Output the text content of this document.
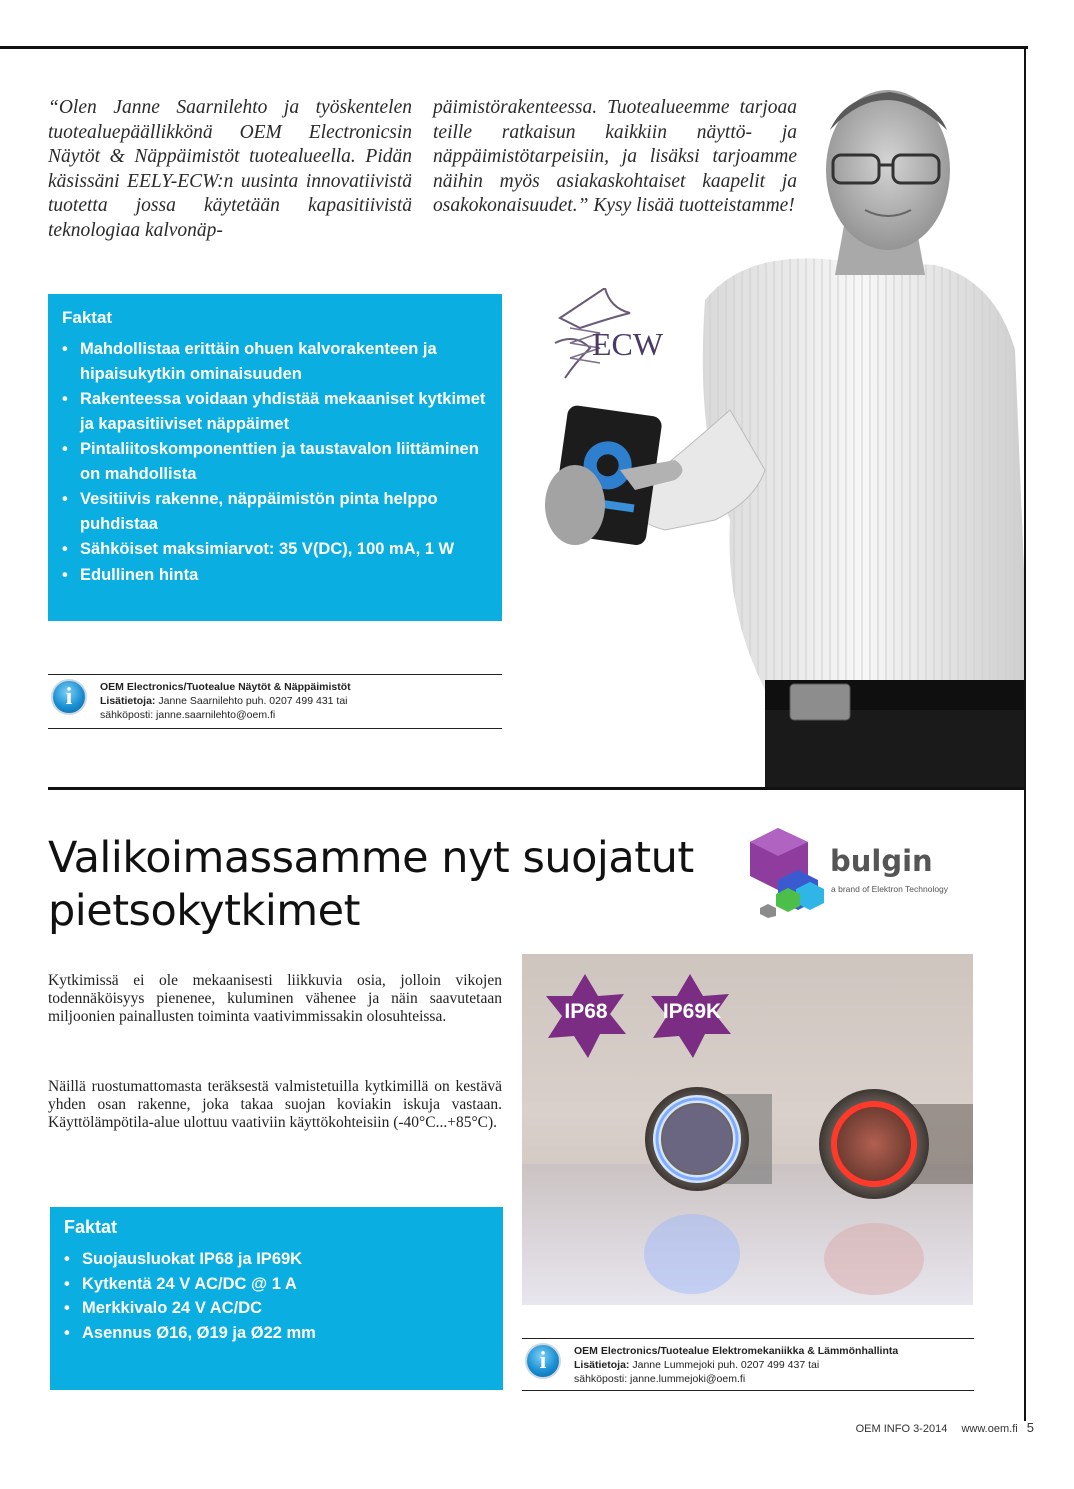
ECW
“Olen Janne Saarnilehto ja työskentelen tuotealuepäällikkönä OEM Electronicsin Näytöt & Näppäimistöt tuotealueella. Pidän käsissäni EELY-ECW:n uusinta innovatiivistä tuotetta jossa käytetään kapasitiivistä teknologiaa kalvonäp-
päimistörakenteessa. Tuotealueemme tarjoaa teille ratkaisun kaikkiin näyttö- ja näppäimistötarpeisiin, ja lisäksi tarjoamme näihin myös asiakaskohtaiset kaapelit ja osakokonaisuudet.” Kysy lisää tuotteistamme!
Faktat
• Mahdollistaa erittäin ohuen kalvorakenteen ja hipaisukytkin ominaisuuden
• Rakenteessa voidaan yhdistää mekaaniset kytkimet ja kapasitiiviset näppäimet
• Pintaliitoskomponenttien ja taustavalon liittäminen on mahdollista
• Vesitiivis rakenne, näppäimistön pinta helppo puhdistaa
• Sähköiset maksimiarvot: 35 V(DC), 100 mA, 1 W
• Edullinen hinta
i	OEM Electronics/Tuotealue Näytöt & Näppäimistöt
Lisätietoja: Janne Saarnilehto puh. 0207 499 431 tai
sähköposti: janne.saarnilehto@oem.fi
Valikoimassamme nyt suojatut
pietsokytkimet
bulgin
a brand of Elektron Technology
Kytkimissä ei ole mekaanisesti liikkuvia osia, jolloin vikojen todennäköisyys pienenee, kuluminen vähenee ja näin saavutetaan miljoonien painallusten toiminta vaativimmissakin olosuhteissa.
Näillä ruostumattomasta teräksestä valmistetuilla kytkimillä on kestävä yhden osan rakenne, joka takaa suojan koviakin iskuja vastaan. Käyttölämpötila-alue ulottuu vaativiin käyttökohteisiin (-40°C...+85°C).
IP68	IP69K
Faktat
• Suojausluokat IP68 ja IP69K
• Kytkentä 24 V AC/DC @ 1 A
• Merkkivalo 24 V AC/DC
• Asennus Ø16, Ø19 ja Ø22 mm
i	OEM Electronics/Tuotealue Elektromekaniikka & Lämmönhallinta
Lisätietoja: Janne Lummejoki puh. 0207 499 437 tai
sähköposti: janne.lummejoki@oem.fi
OEM INFO 3-2014 www.oem.fi 5
